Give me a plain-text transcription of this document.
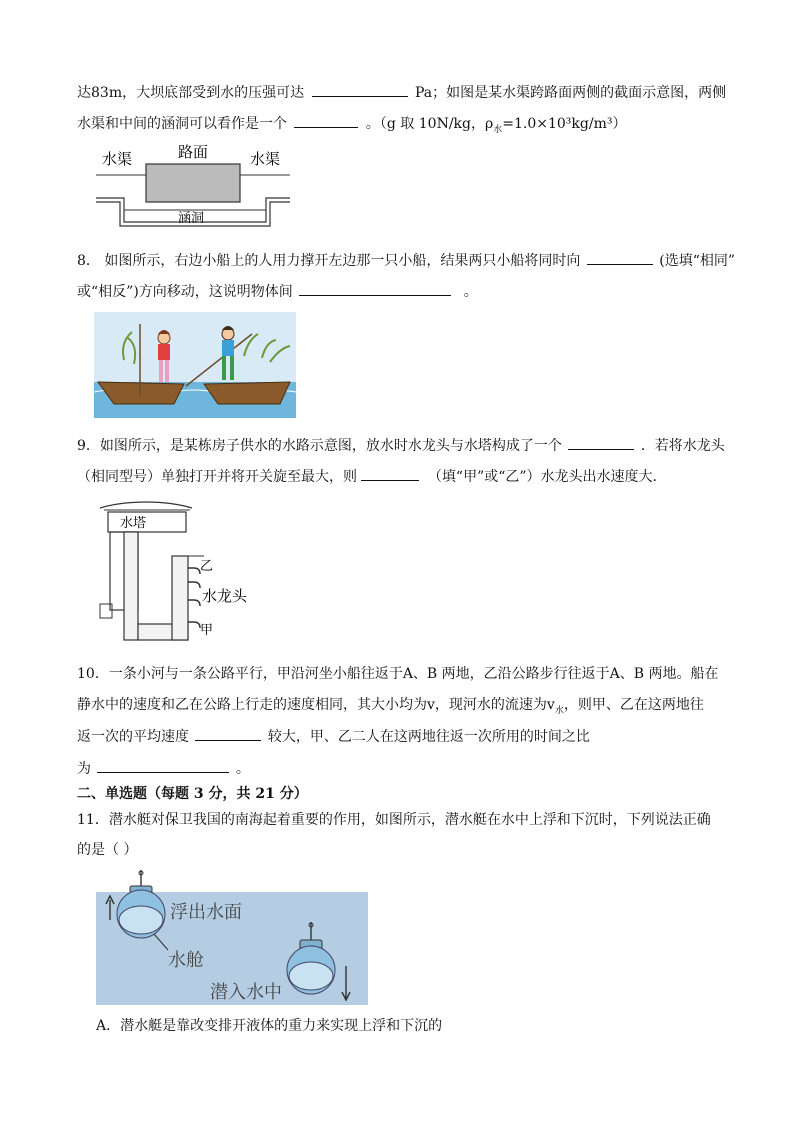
达83m，大坝底部受到水的压强可达	Pa；如图是某水渠跨路面两侧的截面示意图，两侧
水渠和中间的涵洞可以看作是一个	。（g 取 10N/kg，$\rho_水=1.0\times 10^3kg/m^3$）
水渠	路面	水渠
涵洞
8． 如图所示，右边小船上的人用力撑开左边那一只小船，结果两只小船将同时向	(选填“相同”
或“相反”)方向移动，这说明物体间	。
9．如图所示，是某栋房子供水的水路示意图，放水时水龙头与水塔构成了一个	．若将水龙头
（相同型号）单独打开并将开关旋至最大，则	（填“甲”或“乙”）水龙头出水速度大．
水塔
乙
水龙头
甲
10．一条小河与一条公路平行，甲沿河坐小船往返于A、B 两地，乙沿公路步行往返于A、B 两地。船在
静水中的速度和乙在公路上行走的速度相同，其大小均为v，现河水的流速为$v_水$，则甲、乙在这两地往
返一次的平均速度	较大，甲、乙二人在这两地往返一次所用的时间之比
为	。
二、单选题（每题 3 分，共 21 分）
11．潜水艇对保卫我国的南海起着重要的作用，如图所示，潜水艇在水中上浮和下沉时，下列说法正确
的是（ ）
浮出水面
水舱
潜入水中
A．潜水艇是靠改变排开液体的重力来实现上浮和下沉的
